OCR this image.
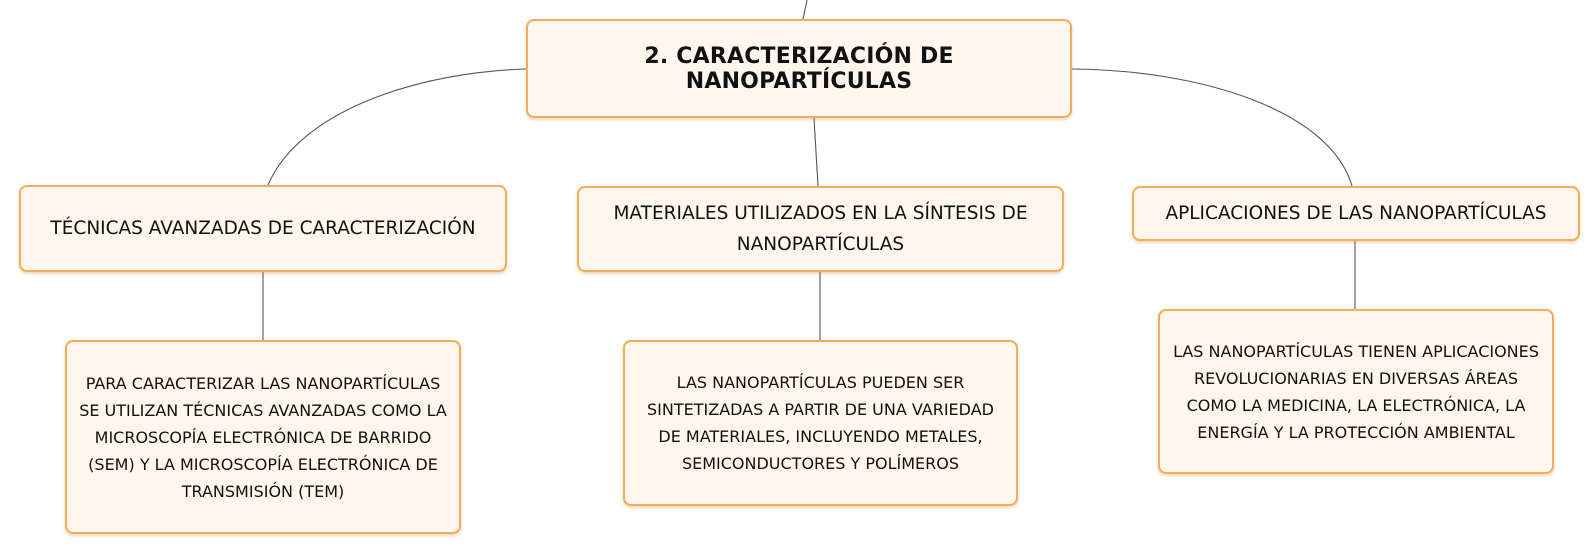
2. CARACTERIZACIÓN DE NANOPARTÍCULAS
TÉCNICAS AVANZADAS DE CARACTERIZACIÓN
MATERIALES UTILIZADOS EN LA SÍNTESIS DE NANOPARTÍCULAS
APLICACIONES DE LAS NANOPARTÍCULAS
PARA CARACTERIZAR LAS NANOPARTÍCULAS SE UTILIZAN TÉCNICAS AVANZADAS COMO LA MICROSCOPÍA ELECTRÓNICA DE BARRIDO (SEM) Y LA MICROSCOPÍA ELECTRÓNICA DE TRANSMISIÓN (TEM)
LAS NANOPARTÍCULAS PUEDEN SER SINTETIZADAS A PARTIR DE UNA VARIEDAD DE MATERIALES, INCLUYENDO METALES, SEMICONDUCTORES Y POLÍMEROS
LAS NANOPARTÍCULAS TIENEN APLICACIONES REVOLUCIONARIAS EN DIVERSAS ÁREAS COMO LA MEDICINA, LA ELECTRÓNICA, LA ENERGÍA Y LA PROTECCIÓN AMBIENTAL
